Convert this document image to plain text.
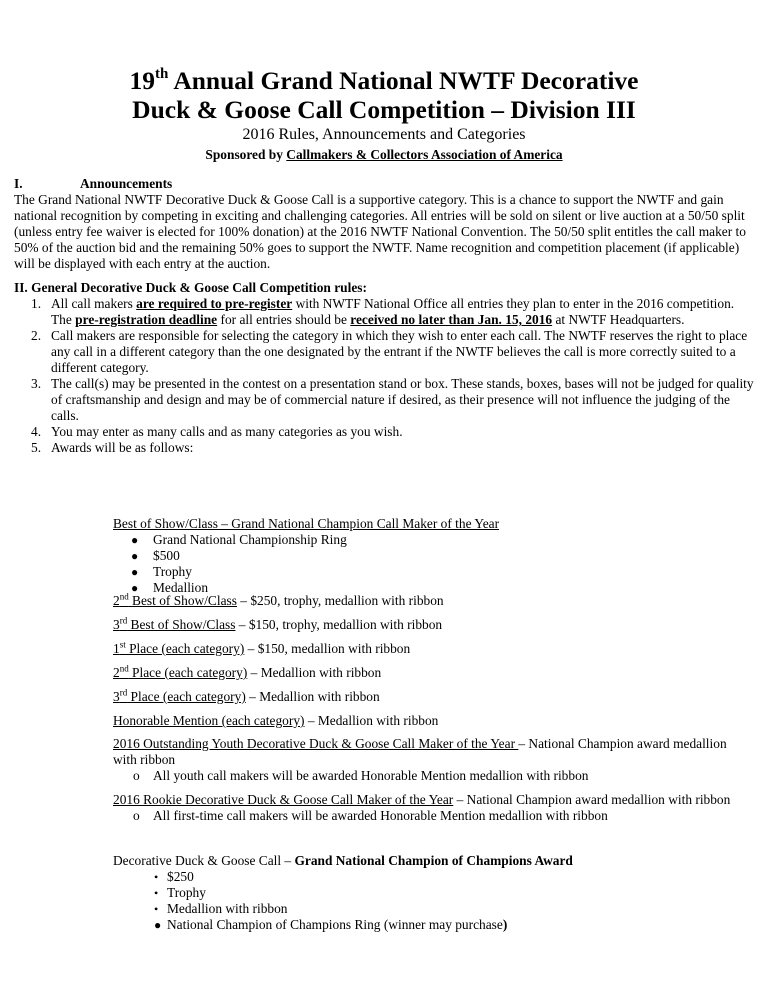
19th Annual Grand National NWTF Decorative
Duck & Goose Call Competition – Division III
2016 Rules, Announcements and Categories
Sponsored by Callmakers & Collectors Association of America
I.	Announcements
The Grand National NWTF Decorative Duck & Goose Call is a supportive category. This is a chance to support the NWTF and gain national recognition by competing in exciting and challenging categories. All entries will be sold on silent or live auction at a 50/50 split (unless entry fee waiver is elected for 100% donation) at the 2016 NWTF National Convention. The 50/50 split entitles the call maker to 50% of the auction bid and the remaining 50% goes to support the NWTF. Name recognition and competition placement (if applicable) will be displayed with each entry at the auction.
II. General Decorative Duck & Goose Call Competition rules:
1. All call makers are required to pre-register with NWTF National Office all entries they plan to enter in the 2016 competition. The pre-registration deadline for all entries should be received no later than Jan. 15, 2016 at NWTF Headquarters.
2. Call makers are responsible for selecting the category in which they wish to enter each call. The NWTF reserves the right to place any call in a different category than the one designated by the entrant if the NWTF believes the call is more correctly suited to a different category.
3. The call(s) may be presented in the contest on a presentation stand or box. These stands, boxes, bases will not be judged for quality of craftsmanship and design and may be of commercial nature if desired, as their presence will not influence the judging of the calls.
4. You may enter as many calls and as many categories as you wish.
5. Awards will be as follows:
Best of Show/Class – Grand National Champion Call Maker of the Year
● Grand National Championship Ring
● $500
● Trophy
● Medallion
2nd Best of Show/Class – $250, trophy, medallion with ribbon
3rd Best of Show/Class – $150, trophy, medallion with ribbon
1st Place (each category) – $150, medallion with ribbon
2nd Place (each category) – Medallion with ribbon
3rd Place (each category) – Medallion with ribbon
Honorable Mention (each category) – Medallion with ribbon
2016 Outstanding Youth Decorative Duck & Goose Call Maker of the Year – National Champion award medallion with ribbon
o All youth call makers will be awarded Honorable Mention medallion with ribbon
2016 Rookie Decorative Duck & Goose Call Maker of the Year – National Champion award medallion with ribbon
o All first-time call makers will be awarded Honorable Mention medallion with ribbon
Decorative Duck & Goose Call – Grand National Champion of Champions Award
• $250
• Trophy
• Medallion with ribbon
● National Champion of Champions Ring (winner may purchase)
